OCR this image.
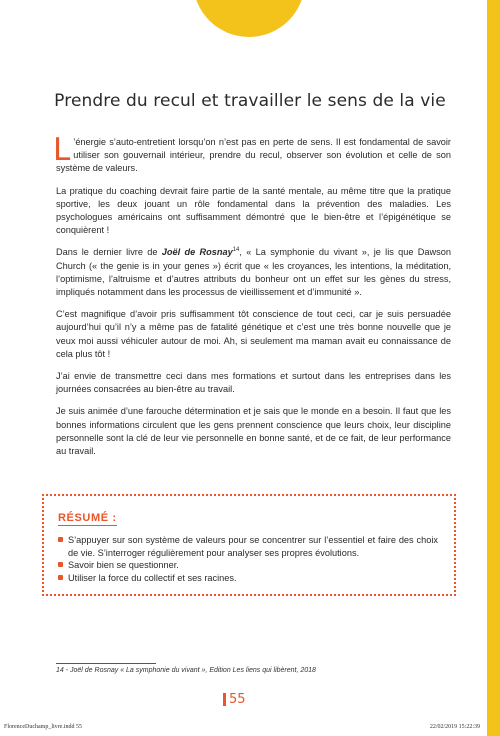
Prendre du recul et travailler le sens de la vie

L ’énergie s’auto-entretient lorsqu’on n’est pas en perte de sens. Il est fondamental de savoir utiliser son gouvernail intérieur, prendre du recul, observer son évolution et celle de son système de valeurs.

La pratique du coaching devrait faire partie de la santé mentale, au même titre que la pratique sportive, les deux jouant un rôle fondamental dans la prévention des maladies. Les psychologues américains ont suffisamment démontré que le bien-être et l’épigénétique se conquièrent !

Dans le dernier livre de Joël de Rosnay$^{14}$, « La symphonie du vivant », je lis que Dawson Church (« the genie is in your genes ») écrit que « les croyances, les intentions, la méditation, l’optimisme, l’altruisme et d’autres attributs du bonheur ont un effet sur les gènes du stress, impliqués notamment dans les processus de vieillissement et d’immunité ».

C’est magnifique d’avoir pris suffisamment tôt conscience de tout ceci, car je suis persuadée aujourd’hui qu’il n’y a même pas de fatalité génétique et c’est une très bonne nouvelle que je veux moi aussi véhiculer autour de moi. Ah, si seulement ma maman avait eu connaissance de cela plus tôt !

J’ai envie de transmettre ceci dans mes formations et surtout dans les entreprises dans les journées consacrées au bien-être au travail.

Je suis animée d’une farouche détermination et je sais que le monde en a besoin. Il faut que les bonnes informations circulent que les gens prennent conscience que leurs choix, leur discipline personnelle sont la clé de leur vie personnelle en bonne santé, et de ce fait, de leur performance au travail.

RÉSUMÉ :
S’appuyer sur son système de valeurs pour se concentrer sur l’essentiel et faire des choix de vie. S’interroger régulièrement pour analyser ses propres évolutions.
Savoir bien se questionner.
Utiliser la force du collectif et ses racines.
14 - Joël de Rosnay « La symphonie du vivant », Edition Les liens qui libèrent, 2018
55
FlorenceDuchamp_livre.indd 55	22/02/2019 15:22:39
